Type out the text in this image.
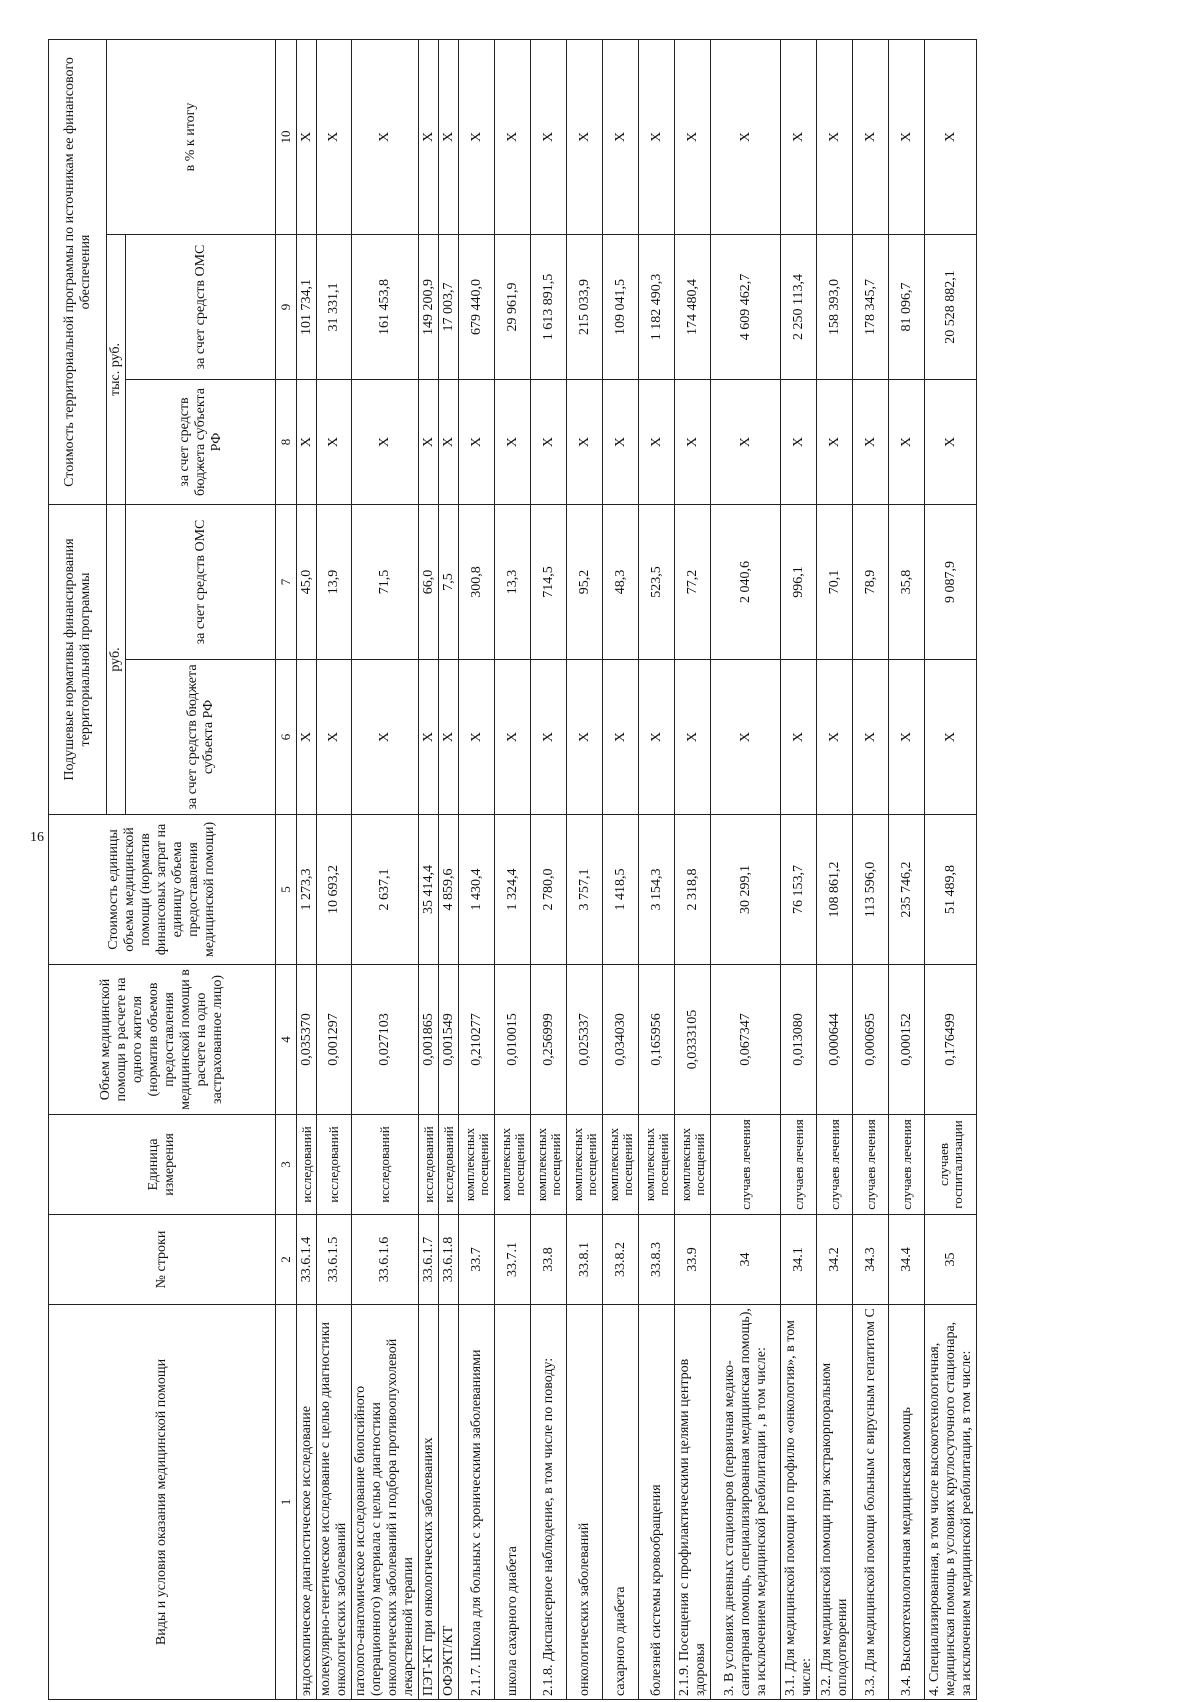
16
Виды и условия оказания медицинской помощи	№ строки	Единица измерения	Объем медицинской помощи в расчете на одного жителя (норматив объемов предоставления медицинской помощи в расчете на одно застрахованное лицо)	Стоимость единицы объема медицинской помощи (норматив финансовых затрат на единицу объема предоставления медицинской помощи)	Подушевые нормативы финансирования территориальной программы		Стоимость территориальной программы по источникам ее финансового обеспечения		
					руб.		тыс. руб.		в % к итогу
					за счет средств бюджета субъекта РФ	за счет средств ОМС	за счет средств бюджета субъекта РФ	за счет средств ОМС	
1	2	3	4	5	6	7	8	9	10
эндоскопическое диагностическое исследование	33.6.1.4	исследований	0,035370	1 273,3	X	45,0	X	101 734,1	X
молекулярно-генетическое исследование с целью диагностики онкологических заболеваний	33.6.1.5	исследований	0,001297	10 693,2	X	13,9	X	31 331,1	X
патолого-анатомическое исследование биопсийного (операционного) материала с целью диагностики онкологических заболеваний и подбора противоопухолевой лекарственной терапии	33.6.1.6	исследований	0,027103	2 637,1	X	71,5	X	161 453,8	X
ПЭТ-КТ при онкологических заболеваниях	33.6.1.7	исследований	0,001865	35 414,4	X	66,0	X	149 200,9	X
ОФЭКТ/КТ	33.6.1.8	исследований	0,001549	4 859,6	X	7,5	X	17 003,7	X
2.1.7. Школа для больных с хроническими заболеваниями	33.7	комплексных посещений	0,210277	1 430,4	X	300,8	X	679 440,0	X
школа сахарного диабета	33.7.1	комплексных посещений	0,010015	1 324,4	X	13,3	X	29 961,9	X
2.1.8. Диспансерное наблюдение, в том числе по поводу:	33.8	комплексных посещений	0,256999	2 780,0	X	714,5	X	1 613 891,5	X
онкологических заболеваний	33.8.1	комплексных посещений	0,025337	3 757,1	X	95,2	X	215 033,9	X
сахарного диабета	33.8.2	комплексных посещений	0,034030	1 418,5	X	48,3	X	109 041,5	X
болезней системы кровообращения	33.8.3	комплексных посещений	0,165956	3 154,3	X	523,5	X	1 182 490,3	X
2.1.9. Посещения с профилактическими целями центров здоровья	33.9	комплексных посещений	0,0333105	2 318,8	X	77,2	X	174 480,4	X
3. В условиях дневных стационаров (первичная медико-санитарная помощь, специализированная медицинская помощь), за исключением медицинской реабилитации , в том числе:	34	случаев лечения	0,067347	30 299,1	X	2 040,6	X	4 609 462,7	X
3.1. Для медицинской помощи по профилю «онкология», в том числе:	34.1	случаев лечения	0,013080	76 153,7	X	996,1	X	2 250 113,4	X
3.2. Для медицинской помощи при экстракорпоральном оплодотворении	34.2	случаев лечения	0,000644	108 861,2	X	70,1	X	158 393,0	X
3.3. Для медицинской помощи больным с вирусным гепатитом С	34.3	случаев лечения	0,000695	113 596,0	X	78,9	X	178 345,7	X
3.4. Высокотехнологичная медицинская помощь	34.4	случаев лечения	0,000152	235 746,2	X	35,8	X	81 096,7	X
4. Специализированная, в том числе высокотехнологичная, медицинская помощь в условиях круглосуточного стационара, за исключением медицинской реабилитации, в том числе:	35	случаев госпитализации	0,176499	51 489,8	X	9 087,9	X	20 528 882,1	X
